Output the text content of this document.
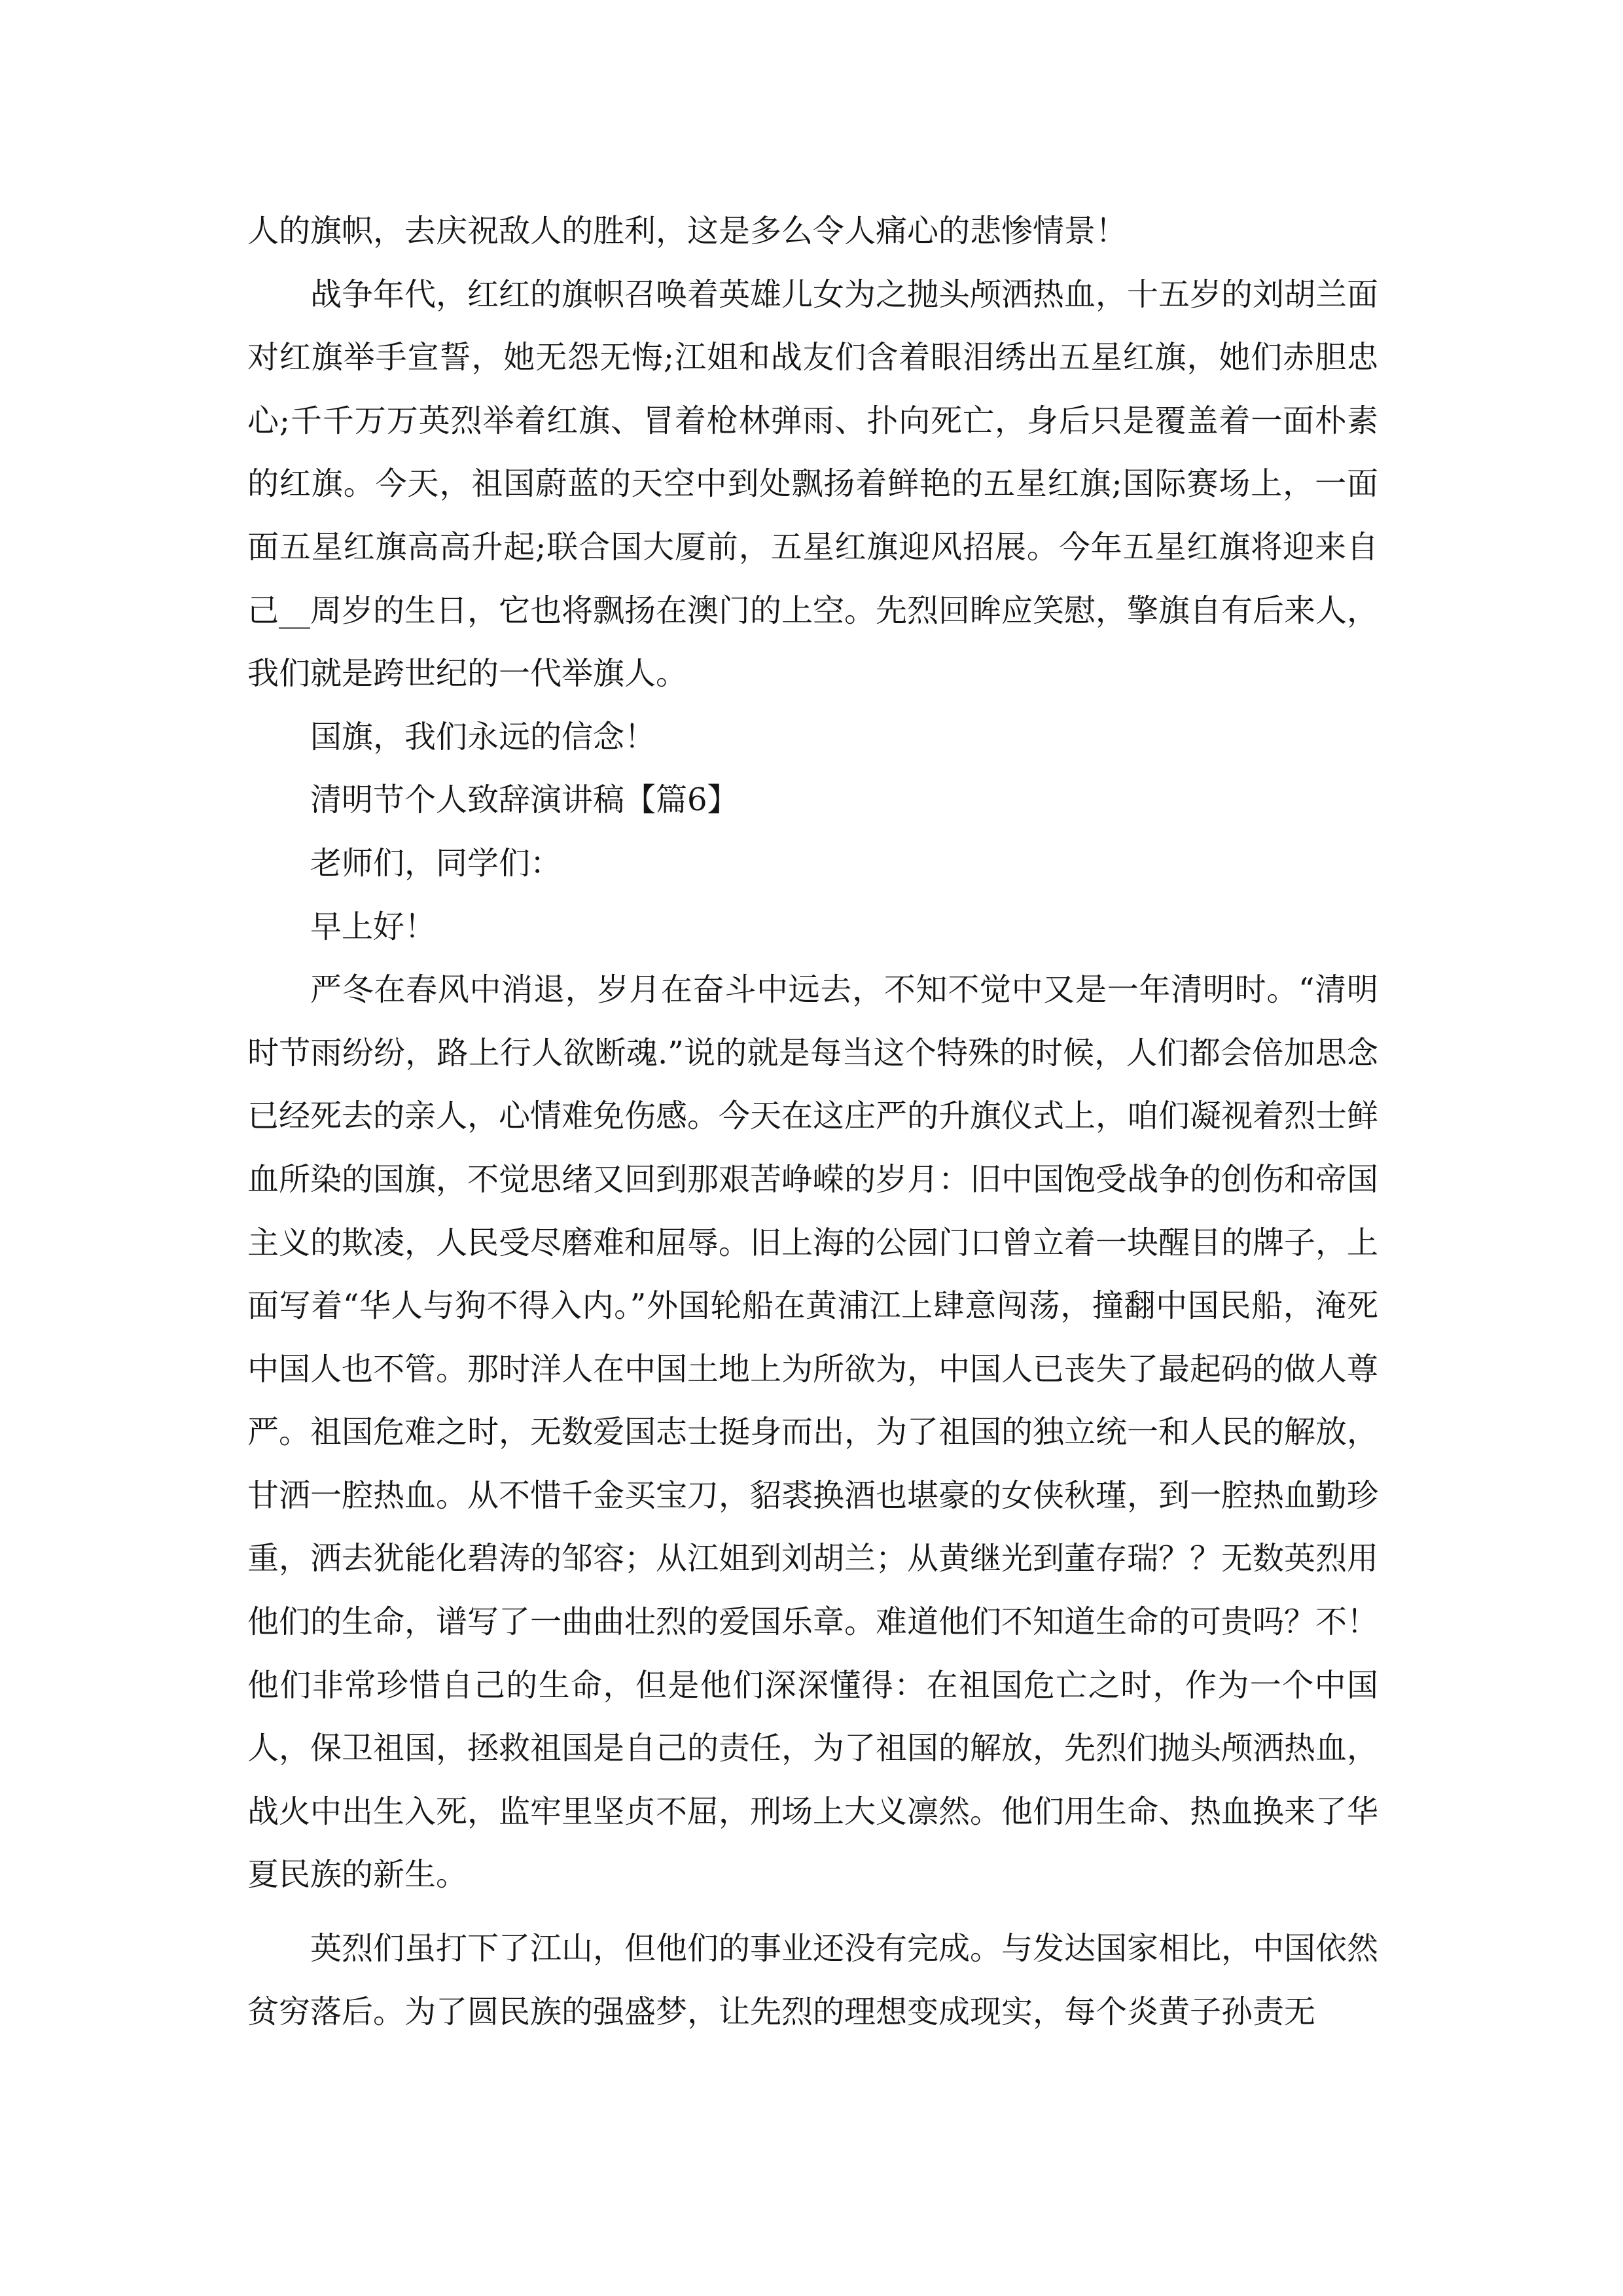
人的旗帜，去庆祝敌人的胜利，这是多么令人痛心的悲惨情景！

战争年代，红红的旗帜召唤着英雄儿女为之抛头颅洒热血，十五岁的刘胡兰面对红旗举手宣誓，她无怨无悔;江姐和战友们含着眼泪绣出五星红旗，她们赤胆忠心;千千万万英烈举着红旗、冒着枪林弹雨、扑向死亡，身后只是覆盖着一面朴素的红旗。今天，祖国蔚蓝的天空中到处飘扬着鲜艳的五星红旗;国际赛场上，一面面五星红旗高高升起;联合国大厦前，五星红旗迎风招展。今年五星红旗将迎来自己__周岁的生日，它也将飘扬在澳门的上空。先烈回眸应笑慰，擎旗自有后来人，我们就是跨世纪的一代举旗人。

国旗，我们永远的信念！

清明节个人致辞演讲稿【篇6】

老师们，同学们：

早上好！

严冬在春风中消退，岁月在奋斗中远去，不知不觉中又是一年清明时。“清明时节雨纷纷，路上行人欲断魂.”说的就是每当这个特殊的时候，人们都会倍加思念已经死去的亲人，心情难免伤感。今天在这庄严的升旗仪式上，咱们凝视着烈士鲜血所染的国旗，不觉思绪又回到那艰苦峥嵘的岁月：旧中国饱受战争的创伤和帝国主义的欺凌，人民受尽磨难和屈辱。旧上海的公园门口曾立着一块醒目的牌子，上面写着“华人与狗不得入内。”外国轮船在黄浦江上肆意闯荡，撞翻中国民船，淹死中国人也不管。那时洋人在中国土地上为所欲为，中国人已丧失了最起码的做人尊严。祖国危难之时，无数爱国志士挺身而出，为了祖国的独立统一和人民的解放，甘洒一腔热血。从不惜千金买宝刀，貂裘换酒也堪豪的女侠秋瑾，到一腔热血勤珍重，洒去犹能化碧涛的邹容；从江姐到刘胡兰；从黄继光到董存瑞？？无数英烈用他们的生命，谱写了一曲曲壮烈的爱国乐章。难道他们不知道生命的可贵吗？不！他们非常珍惜自己的生命，但是他们深深懂得：在祖国危亡之时，作为一个中国人，保卫祖国，拯救祖国是自己的责任，为了祖国的解放，先烈们抛头颅洒热血，战火中出生入死，监牢里坚贞不屈，刑场上大义凛然。他们用生命、热血换来了华夏民族的新生。

英烈们虽打下了江山，但他们的事业还没有完成。与发达国家相比，中国依然贫穷落后。为了圆民族的强盛梦，让先烈的理想变成现实，每个炎黄子孙责无
